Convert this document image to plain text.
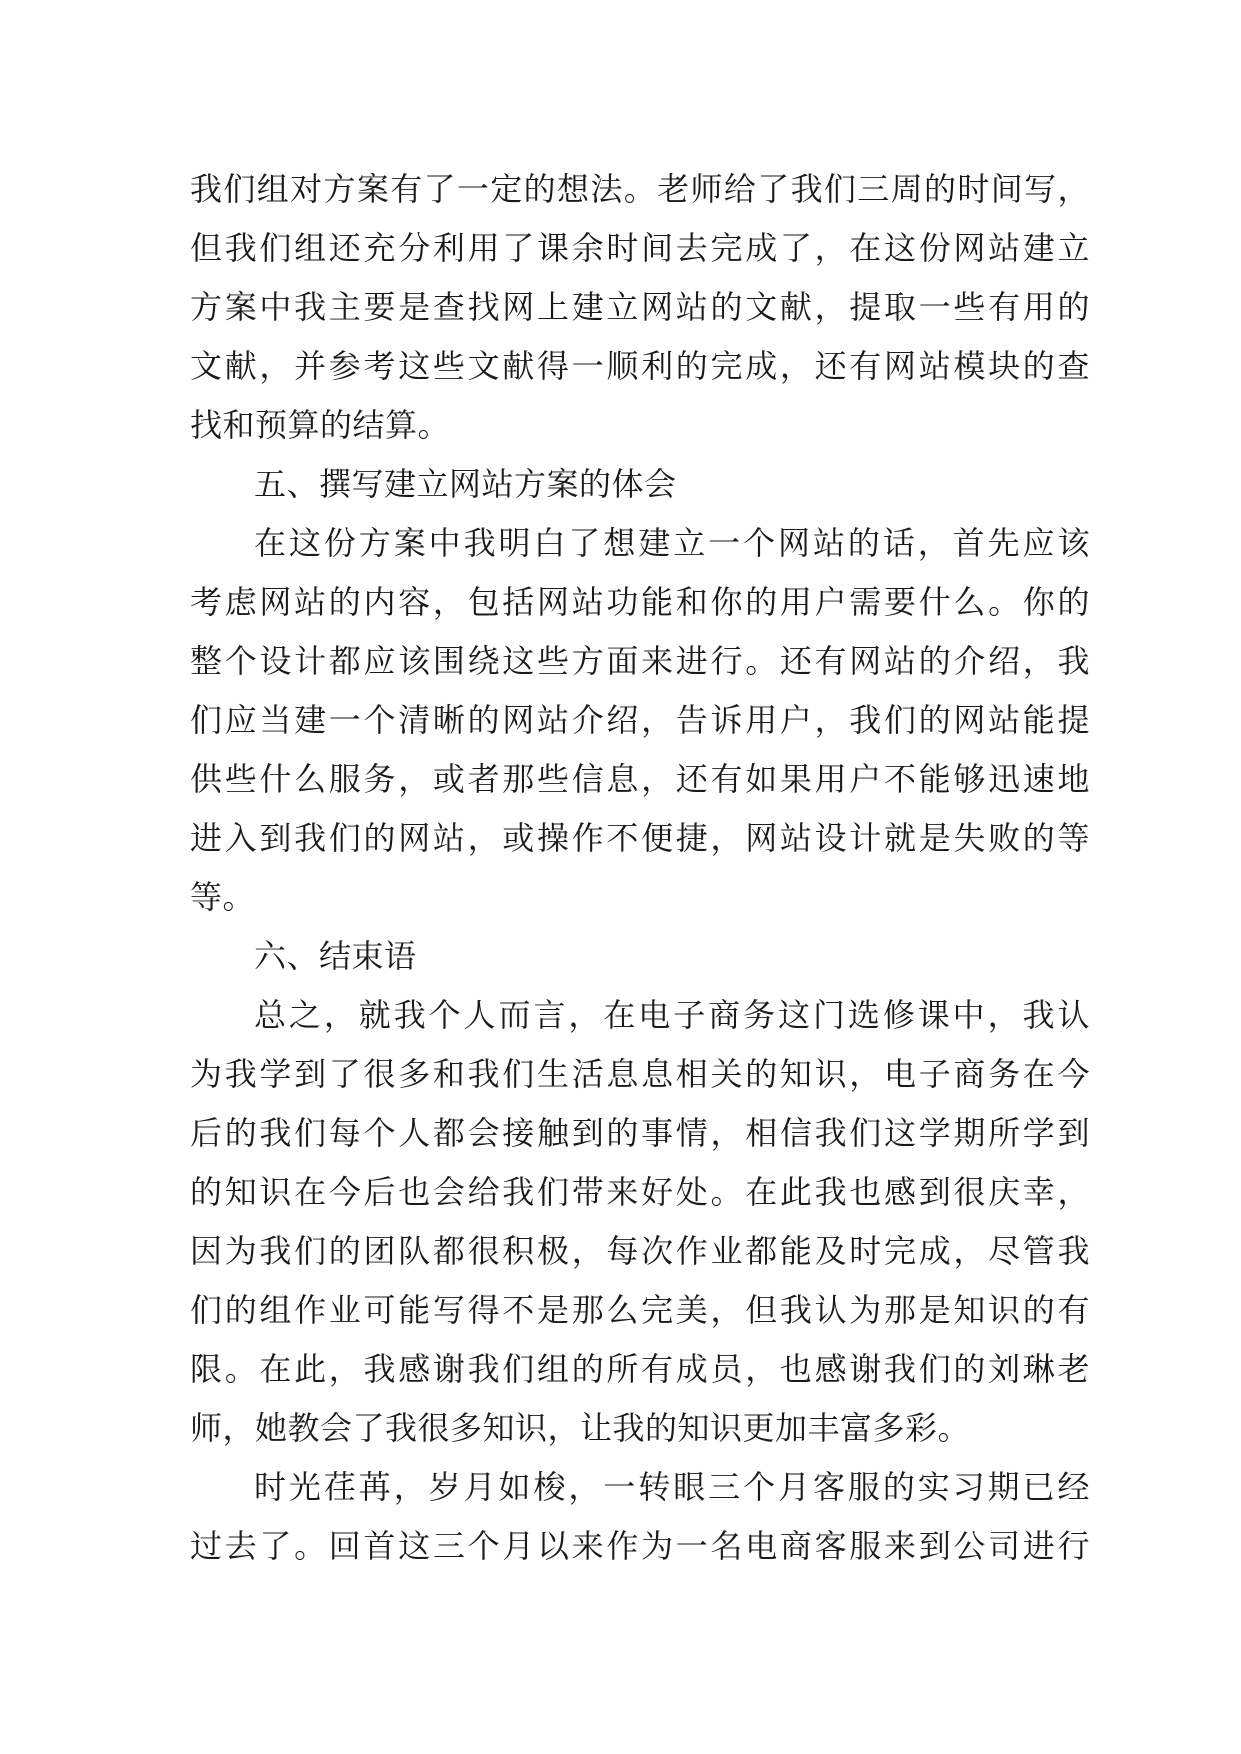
我们组对方案有了一定的想法。老师给了我们三周的时间写，
但我们组还充分利用了课余时间去完成了，在这份网站建立
方案中我主要是查找网上建立网站的文献，提取一些有用的
文献，并参考这些文献得一顺利的完成，还有网站模块的查
找和预算的结算。
五、撰写建立网站方案的体会
在这份方案中我明白了想建立一个网站的话，首先应该
考虑网站的内容，包括网站功能和你的用户需要什么。你的
整个设计都应该围绕这些方面来进行。还有网站的介绍，我
们应当建一个清晰的网站介绍，告诉用户，我们的网站能提
供些什么服务，或者那些信息，还有如果用户不能够迅速地
进入到我们的网站，或操作不便捷，网站设计就是失败的等
等。
六、结束语
总之，就我个人而言，在电子商务这门选修课中，我认
为我学到了很多和我们生活息息相关的知识，电子商务在今
后的我们每个人都会接触到的事情，相信我们这学期所学到
的知识在今后也会给我们带来好处。在此我也感到很庆幸，
因为我们的团队都很积极，每次作业都能及时完成，尽管我
们的组作业可能写得不是那么完美，但我认为那是知识的有
限。在此，我感谢我们组的所有成员，也感谢我们的刘琳老
师，她教会了我很多知识，让我的知识更加丰富多彩。
时光荏苒，岁月如梭，一转眼三个月客服的实习期已经
过去了。回首这三个月以来作为一名电商客服来到公司进行
